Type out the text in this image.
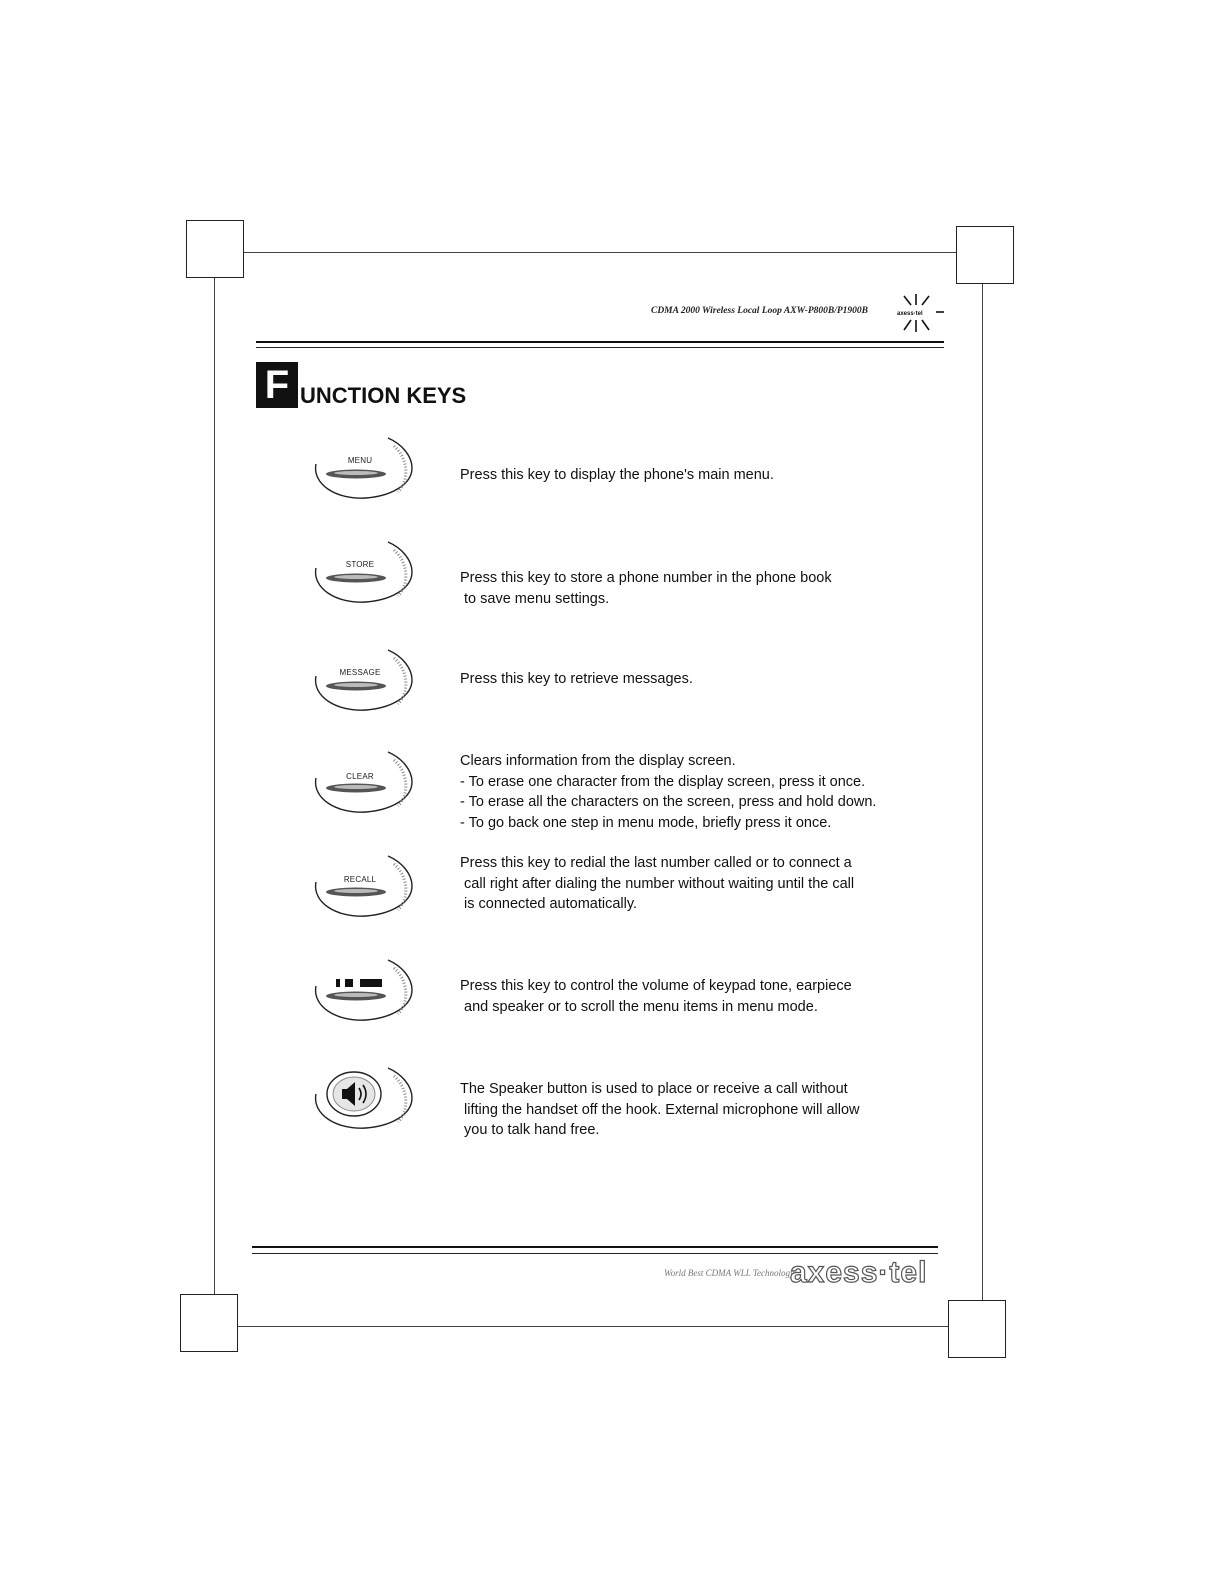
CDMA 2000 Wireless Local Loop AXW-P800B/P1900B	axess·tel
F UNCTION KEYS
MENU
Press this key to display the phone's main menu.
STORE
Press this key to store a phone number in the phone book
to save menu settings.
MESSAGE	Press this key to retrieve messages.
CLEAR
Clears information from the display screen.
- To erase one character from the display screen, press it once.
- To erase all the characters on the screen, press and hold down.
- To go back one step in menu mode, briefly press it once.
RECALL
Press this key to redial the last number called or to connect a
call right after dialing the number without waiting until the call
is connected automatically.
Press this key to control the volume of keypad tone, earpiece
and speaker or to scroll the menu items in menu mode.
The Speaker button is used to place or receive a call without
lifting the handset off the hook. External microphone will allow
you to talk hand free.
World Best CDMA WLL Technology
axess·tel
